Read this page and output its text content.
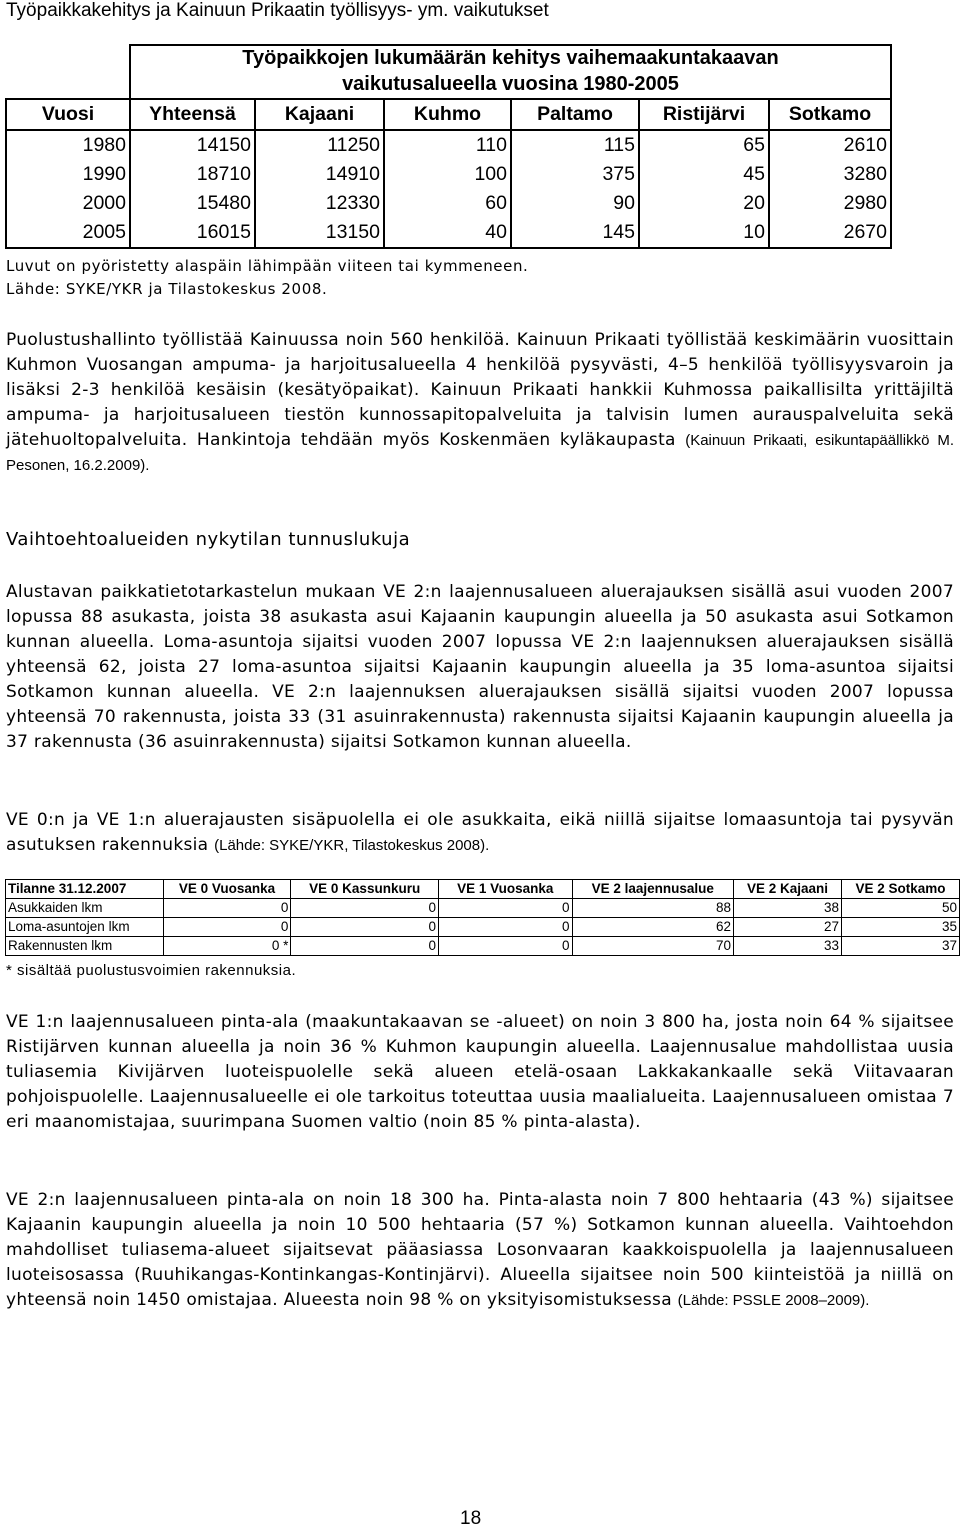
Työpaikkakehitys ja Kainuun Prikaatin työllisyys- ym. vaikutukset
	Työpaikkojen lukumäärän kehitys vaihemaakuntakaavan					
	vaikutusalueella vuosina 1980-2005					
Vuosi	Yhteensä	Kajaani	Kuhmo	Paltamo	Ristijärvi	Sotkamo
1980	14150	11250	110	115	65	2610
1990	18710	14910	100	375	45	3280
2000	15480	12330	60	90	20	2980
2005	16015	13150	40	145	10	2670
Luvut on pyöristetty alaspäin lähimpään viiteen tai kymmeneen.
Lähde: SYKE/YKR ja Tilastokeskus 2008.
Puolustushallinto työllistää Kainuussa noin 560 henkilöä. Kainuun Prikaati työllistää keskimäärin vuosittain Kuhmon Vuosangan ampuma- ja harjoitusalueella 4 henkilöä pysyvästi, 4–5 henkilöä työllisyysvaroin ja lisäksi 2-3 henkilöä kesäisin (kesätyöpaikat). Kainuun Prikaati hankkii Kuhmossa paikallisilta yrittäjiltä ampuma- ja harjoitusalueen tiestön kunnossapitopalveluita ja talvisin lumen aurauspalveluita sekä jätehuoltopalveluita. Hankintoja tehdään myös Koskenmäen kyläkaupasta (Kainuun Prikaati, esikuntapäällikkö M. Pesonen, 16.2.2009).
Vaihtoehtoalueiden nykytilan tunnuslukuja
Alustavan paikkatietotarkastelun mukaan VE 2:n laajennusalueen aluerajauksen sisällä asui vuoden 2007 lopussa 88 asukasta, joista 38 asukasta asui Kajaanin kaupungin alueella ja 50 asukasta asui Sotkamon kunnan alueella. Loma-asuntoja sijaitsi vuoden 2007 lopussa VE 2:n laajennuksen aluerajauksen sisällä yhteensä 62, joista 27 loma-asuntoa sijaitsi Kajaanin kaupungin alueella ja 35 loma-asuntoa sijaitsi Sotkamon kunnan alueella. VE 2:n laajennuksen aluerajauksen sisällä sijaitsi vuoden 2007 lopussa yhteensä 70 rakennusta, joista 33 (31 asuinrakennusta) rakennusta sijaitsi Kajaanin kaupungin alueella ja 37 rakennusta (36 asuinrakennusta) sijaitsi Sotkamon kunnan alueella.
VE 0:n ja VE 1:n aluerajausten sisäpuolella ei ole asukkaita, eikä niillä sijaitse lomaasuntoja tai pysyvän asutuksen rakennuksia (Lähde: SYKE/YKR, Tilastokeskus 2008).
Tilanne 31.12.2007	VE 0 Vuosanka	VE 0 Kassunkuru	VE 1 Vuosanka	VE 2 laajennusalue	VE 2 Kajaani	VE 2 Sotkamo
Asukkaiden lkm	0	0	0	88	38	50
Loma-asuntojen lkm	0	0	0	62	27	35
Rakennusten lkm	0 *	0	0	70	33	37
* sisältää puolustusvoimien rakennuksia.
VE 1:n laajennusalueen pinta-ala (maakuntakaavan se -alueet) on noin 3 800 ha, josta noin 64 % sijaitsee Ristijärven kunnan alueella ja noin 36 % Kuhmon kaupungin alueella. Laajennusalue mahdollistaa uusia tuliasemia Kivijärven luoteispuolelle sekä alueen etelä-osaan Lakkakankaalle sekä Viitavaaran pohjoispuolelle. Laajennusalueelle ei ole tarkoitus toteuttaa uusia maalialueita. Laajennusalueen omistaa 7 eri maanomistajaa, suurimpana Suomen valtio (noin 85 % pinta-alasta).
VE 2:n laajennusalueen pinta-ala on noin 18 300 ha. Pinta-alasta noin 7 800 hehtaaria (43 %) sijaitsee Kajaanin kaupungin alueella ja noin 10 500 hehtaaria (57 %) Sotkamon kunnan alueella. Vaihtoehdon mahdolliset tuliasema-alueet sijaitsevat pääasiassa Losonvaaran kaakkoispuolella ja laajennusalueen luoteisosassa (Ruuhikangas-Kontinkangas-Kontinjärvi). Alueella sijaitsee noin 500 kiinteistöä ja niillä on yhteensä noin 1450 omistajaa. Alueesta noin 98 % on yksityisomistuksessa (Lähde: PSSLE 2008–2009).
18
